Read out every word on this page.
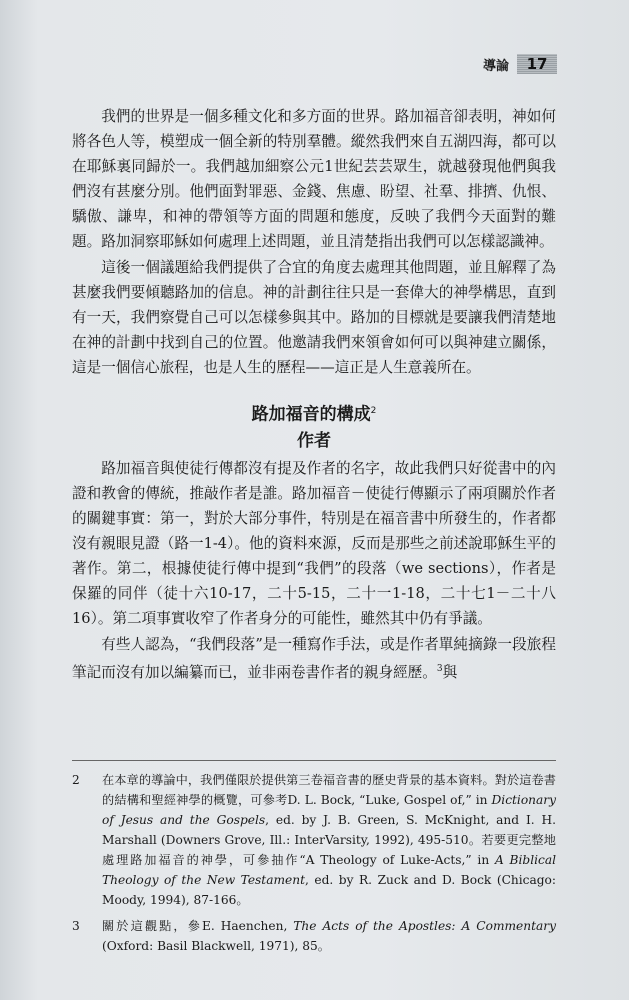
導論	17

我們的世界是一個多種文化和多方面的世界。路加福音卻表明，神如何將各色人等，模塑成一個全新的特別羣體。縱然我們來自五湖四海，都可以在耶穌裏同歸於一。我們越加細察公元1世紀芸芸眾生，就越發現他們與我們沒有甚麼分別。他們面對罪惡、金錢、焦慮、盼望、社羣、排擠、仇恨、驕傲、謙卑，和神的帶領等方面的問題和態度，反映了我們今天面對的難題。路加洞察耶穌如何處理上述問題，並且清楚指出我們可以怎樣認識神。

這後一個議題給我們提供了合宜的角度去處理其他問題，並且解釋了為甚麼我們要傾聽路加的信息。神的計劃往往只是一套偉大的神學構思，直到有一天，我們察覺自己可以怎樣參與其中。路加的目標就是要讓我們清楚地在神的計劃中找到自己的位置。他邀請我們來領會如何可以與神建立關係，這是一個信心旅程，也是人生的歷程——這正是人生意義所在。

路加福音的構成$^2$
作者

路加福音與使徒行傳都沒有提及作者的名字，故此我們只好從書中的內證和教會的傳統，推敲作者是誰。路加福音－使徒行傳顯示了兩項關於作者的關鍵事實：第一，對於大部分事件，特別是在福音書中所發生的，作者都沒有親眼見證（路一1-4）。他的資料來源，反而是那些之前述說耶穌生平的著作。第二，根據使徒行傳中提到“我們”的段落（we sections），作者是保羅的同伴（徒十六10-17，二十5-15，二十一1-18，二十七1－二十八16）。第二項事實收窄了作者身分的可能性，雖然其中仍有爭議。

有些人認為，“我們段落”是一種寫作手法，或是作者單純摘錄一段旅程筆記而沒有加以編纂而已，並非兩卷書作者的親身經歷。$^3$與

2	在本章的導論中，我們僅限於提供第三卷福音書的歷史背景的基本資料。對於這卷書的結構和聖經神學的概覽，可參考D. L. Bock, “Luke, Gospel of,” in Dictionary of Jesus and the Gospels, ed. by J. B. Green, S. McKnight, and I. H. Marshall (Downers Grove, Ill.: InterVarsity, 1992), 495-510。若要更完整地處理路加福音的神學，可參抽作“A Theology of Luke-Acts,” in A Biblical Theology of the New Testament, ed. by R. Zuck and D. Bock (Chicago: Moody, 1994), 87-166。
3	關於這觀點，參E. Haenchen, The Acts of the Apostles: A Commentary (Oxford: Basil Blackwell, 1971), 85。
